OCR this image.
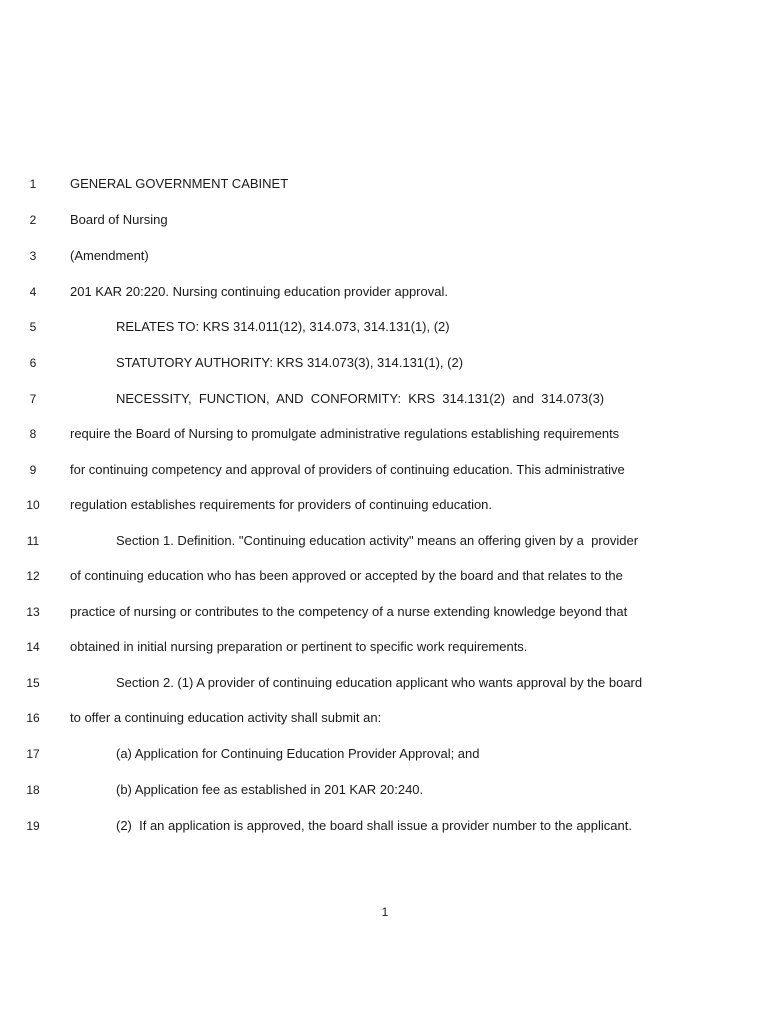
1	GENERAL GOVERNMENT CABINET
2	Board of Nursing
3	(Amendment)
4	201 KAR 20:220. Nursing continuing education provider approval.
5	RELATES TO: KRS 314.011(12), 314.073, 314.131(1), (2)
6	STATUTORY AUTHORITY: KRS 314.073(3), 314.131(1), (2)
7	NECESSITY,  FUNCTION,  AND  CONFORMITY:  KRS  314.131(2)  and  314.073(3)
8	require the Board of Nursing to promulgate administrative regulations establishing requirements
9	for continuing competency and approval of providers of continuing education. This administrative
10	regulation establishes requirements for providers of continuing education.
11	Section 1. Definition. "Continuing education activity" means an offering given by a  provider
12	of continuing education who has been approved or accepted by the board and that relates to the
13	practice of nursing or contributes to the competency of a nurse extending knowledge beyond that
14	obtained in initial nursing preparation or pertinent to specific work requirements.
15	Section 2. (1) A provider of continuing education applicant who wants approval by the board
16	to offer a continuing education activity shall submit an:
17	(a) Application for Continuing Education Provider Approval; and
18	(b) Application fee as established in 201 KAR 20:240.
19	(2)  If an application is approved, the board shall issue a provider number to the applicant.
1
